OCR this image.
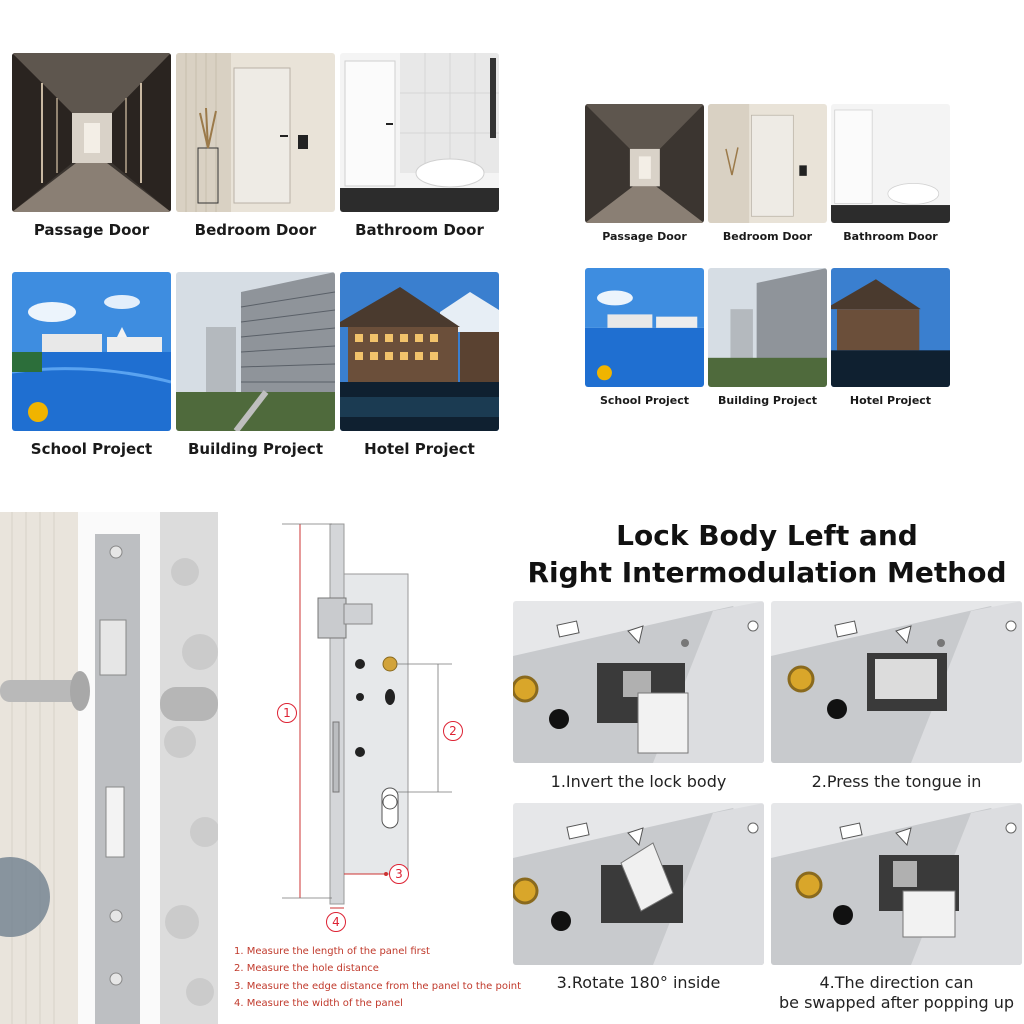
Passage Door	Bedroom Door	Bathroom Door
School Project	Building Project	Hotel Project
Passage Door	Bedroom Door	Bathroom Door
School Project	Building Project	Hotel Project
1
2
3
4
1. Measure the length of the panel first
2. Measure the hole distance
3. Measure the edge distance from the panel to the point
4. Measure the width of the panel
Lock Body Left and
Right Intermodulation Method
1.Invert the lock body	2.Press the tongue in
3.Rotate 180° inside	4.The direction can
be swapped after popping up
